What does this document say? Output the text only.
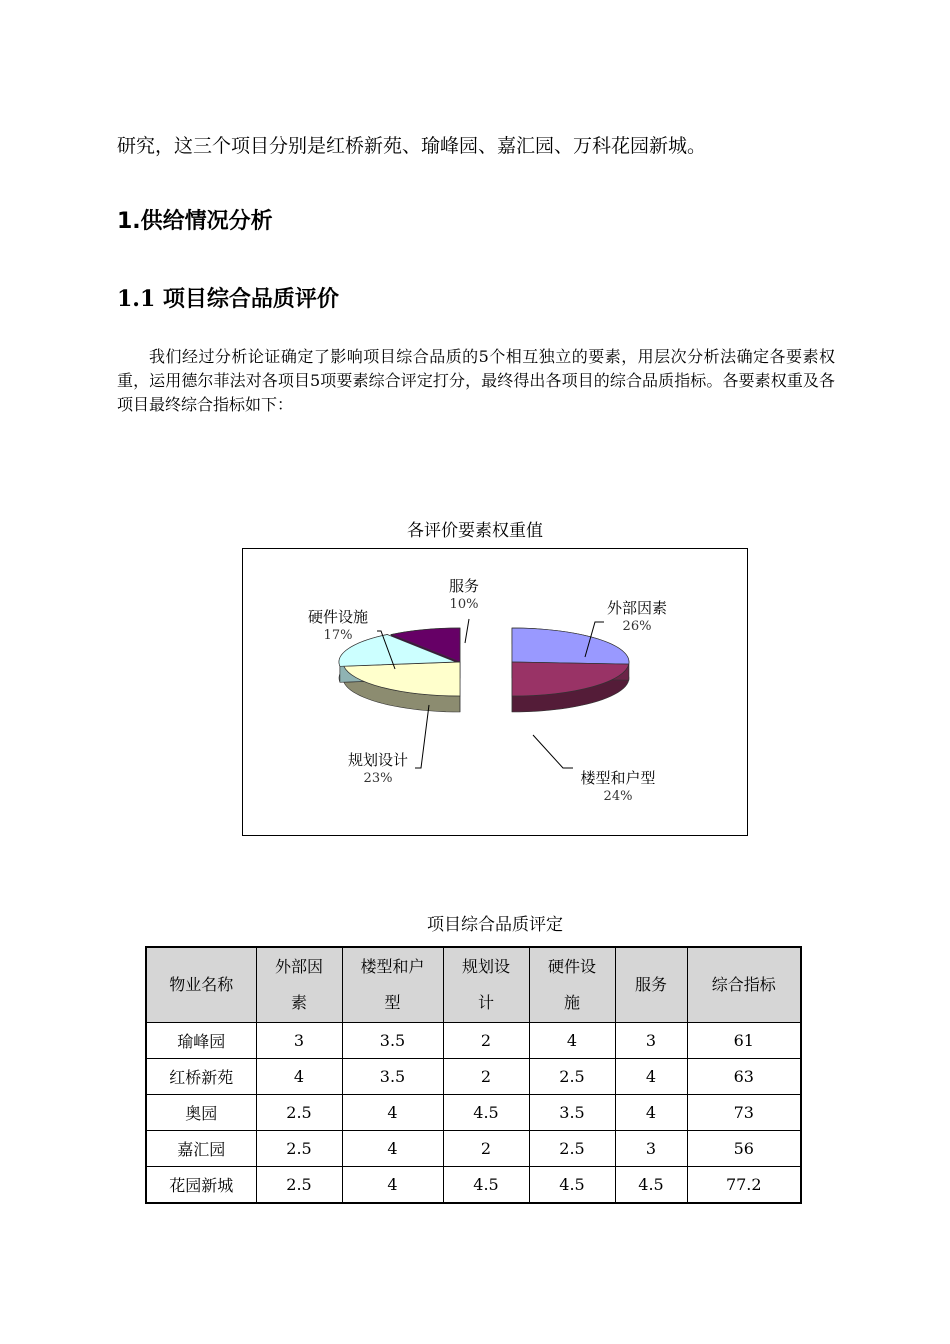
研究，这三个项目分别是红桥新苑、瑜峰园、嘉汇园、万科花园新城。
1.供给情况分析
1.1 项目综合品质评价

我们经过分析论证确定了影响项目综合品质的5个相互独立的要素，用层次分析法确定各要素权重，运用德尔菲法对各项目5项要素综合评定打分，最终得出各项目的综合品质指标。各要素权重及各项目最终综合指标如下：

各评价要素权重值
外部因素
26%
楼型和户型
24%
规划设计
23%
硬件设施
17%
服务
10%
项目综合品质评定
物业名称	外部因素	楼型和户型	规划设计	硬件设施	服务	综合指标
瑜峰园	3	3.5	2	4	3	61
红桥新苑	4	3.5	2	2.5	4	63
奥园	2.5	4	4.5	3.5	4	73
嘉汇园	2.5	4	2	2.5	3	56
花园新城	2.5	4	4.5	4.5	4.5	77.2
